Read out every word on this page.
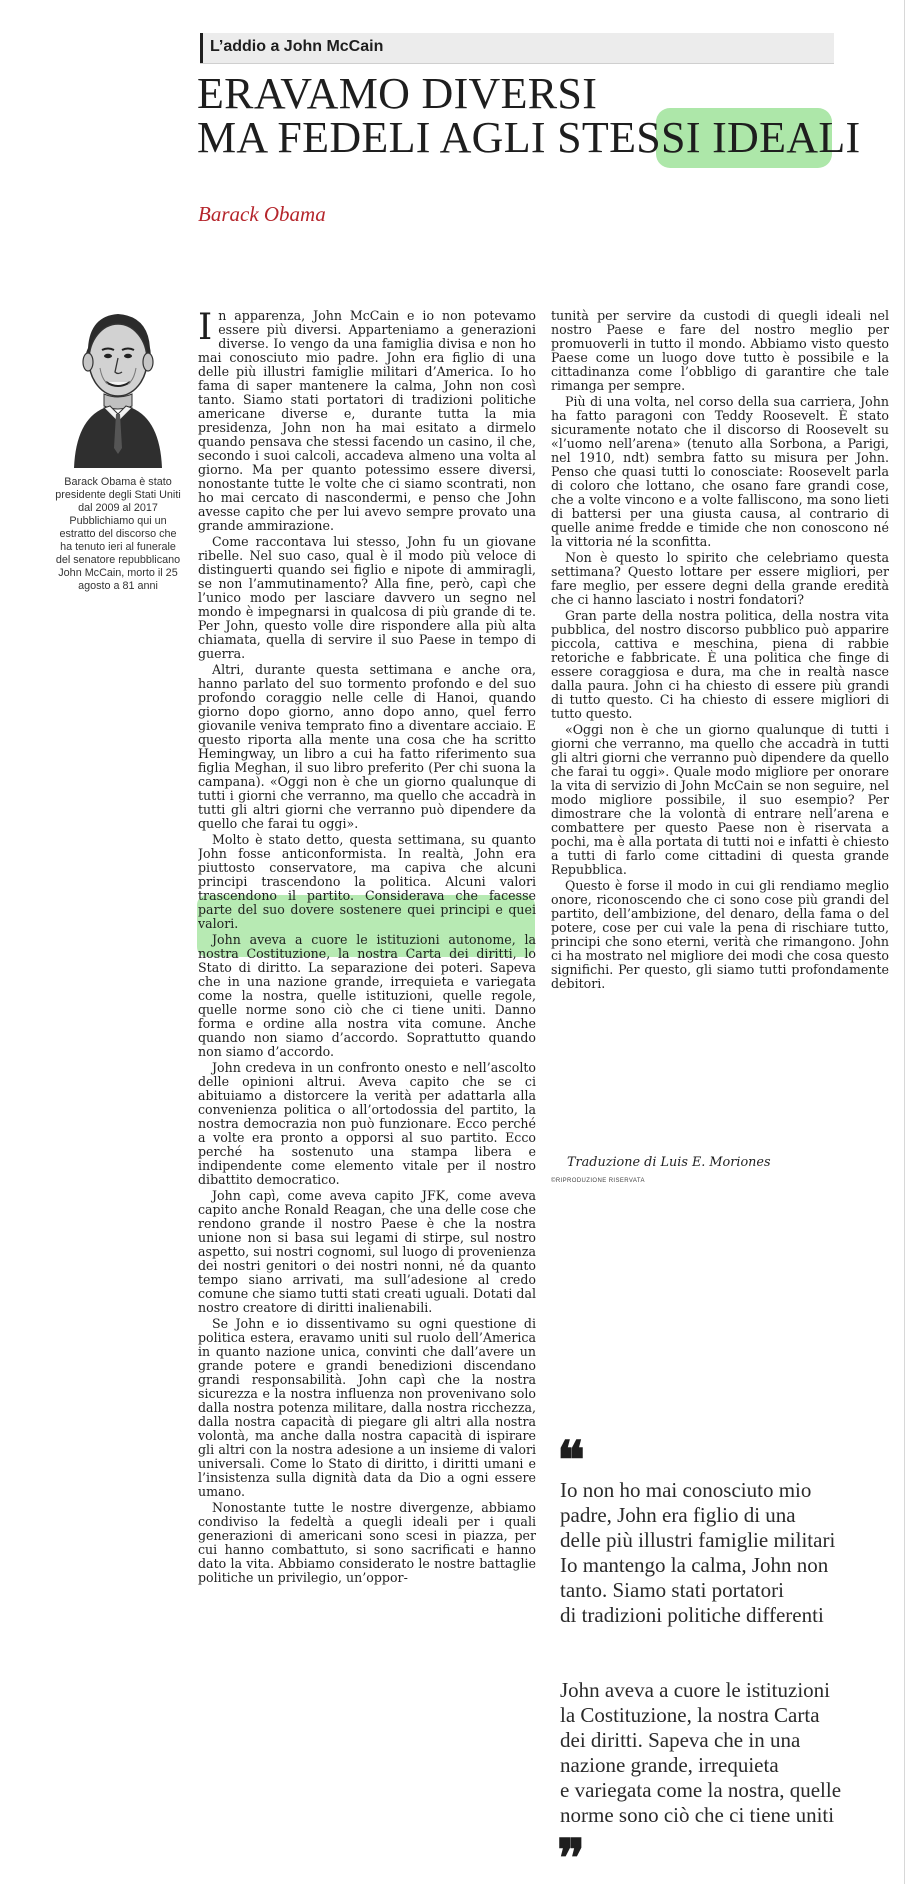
L’addio a John McCain
ERAVAMO DIVERSI
MA FEDELI AGLI STESSI IDEALI
Barack Obama
Barack Obama è stato presidente degli Stati Uniti dal 2009 al 2017 Pubblichiamo qui un estratto del discorso che ha tenuto ieri al funerale del senatore repubblicano John McCain, morto il 25 agosto a 81 anni

In apparenza, John McCain e io non potevamo essere più diversi. Apparteniamo a generazioni diverse. Io vengo da una famiglia divisa e non ho mai conosciuto mio padre. John era figlio di una delle più illustri famiglie militari d’America. Io ho fama di saper mantenere la calma, John non così tanto. Siamo stati portatori di tradizioni politiche americane diverse e, durante tutta la mia presidenza, John non ha mai esitato a dirmelo quando pensava che stessi facendo un casino, il che, secondo i suoi calcoli, accadeva almeno una volta al giorno. Ma per quanto potessimo essere diversi, nonostante tutte le volte che ci siamo scontrati, non ho mai cercato di nascondermi, e penso che John avesse capito che per lui avevo sempre provato una grande ammirazione.

Come raccontava lui stesso, John fu un giovane ribelle. Nel suo caso, qual è il modo più veloce di distinguerti quando sei figlio e nipote di ammiragli, se non l’ammutinamento? Alla fine, però, capì che l’unico modo per lasciare davvero un segno nel mondo è impegnarsi in qualcosa di più grande di te. Per John, questo volle dire rispondere alla più alta chiamata, quella di servire il suo Paese in tempo di guerra.

Altri, durante questa settimana e anche ora, hanno parlato del suo tormento profondo e del suo profondo coraggio nelle celle di Hanoi, quando giorno dopo giorno, anno dopo anno, quel ferro giovanile veniva temprato fino a diventare acciaio. E questo riporta alla mente una cosa che ha scritto Hemingway, un libro a cui ha fatto riferimento sua figlia Meghan, il suo libro preferito (Per chi suona la campana). «Oggi non è che un giorno qualunque di tutti i giorni che verranno, ma quello che accadrà in tutti gli altri giorni che verranno può dipendere da quello che farai tu oggi».

Molto è stato detto, questa settimana, su quanto John fosse anticonformista. In realtà, John era piuttosto conservatore, ma capiva che alcuni principi trascendono la politica. Alcuni valori trascendono il partito. Considerava che facesse parte del suo dovere sostenere quei principi e quei valori.

John aveva a cuore le istituzioni autonome, la nostra Costituzione, la nostra Carta dei diritti, lo Stato di diritto. La separazione dei poteri. Sapeva che in una nazione grande, irrequieta e variegata come la nostra, quelle istituzioni, quelle regole, quelle norme sono ciò che ci tiene uniti. Danno forma e ordine alla nostra vita comune. Anche quando non siamo d’accordo. Soprattutto quando non siamo d’accordo.

John credeva in un confronto onesto e nell’ascolto delle opinioni altrui. Aveva capito che se ci abituiamo a distorcere la verità per adattarla alla convenienza politica o all’ortodossia del partito, la nostra democrazia non può funzionare. Ecco perché a volte era pronto a opporsi al suo partito. Ecco perché ha sostenuto una stampa libera e indipendente come elemento vitale per il nostro dibattito democratico.

John capì, come aveva capito JFK, come aveva capito anche Ronald Reagan, che una delle cose che rendono grande il nostro Paese è che la nostra unione non si basa sui legami di stirpe, sul nostro aspetto, sui nostri cognomi, sul luogo di provenienza dei nostri genitori o dei nostri nonni, né da quanto tempo siano arrivati, ma sull’adesione al credo comune che siamo tutti stati creati uguali. Dotati dal nostro creatore di diritti inalienabili.

Se John e io dissentivamo su ogni questione di politica estera, eravamo uniti sul ruolo dell’America in quanto nazione unica, convinti che dall’avere un grande potere e grandi benedizioni discendano grandi responsabilità. John capì che la nostra sicurezza e la nostra influenza non provenivano solo dalla nostra potenza militare, dalla nostra ricchezza, dalla nostra capacità di piegare gli altri alla nostra volontà, ma anche dalla nostra capacità di ispirare gli altri con la nostra adesione a un insieme di valori universali. Come lo Stato di diritto, i diritti umani e l’insistenza sulla dignità data da Dio a ogni essere umano.

Nonostante tutte le nostre divergenze, abbiamo condiviso la fedeltà a quegli ideali per i quali generazioni di americani sono scesi in piazza, per cui hanno combattuto, si sono sacrificati e hanno dato la vita. Abbiamo considerato le nostre battaglie politiche un privilegio, un’oppor-

tunità per servire da custodi di quegli ideali nel nostro Paese e fare del nostro meglio per promuoverli in tutto il mondo. Abbiamo visto questo Paese come un luogo dove tutto è possibile e la cittadinanza come l’obbligo di garantire che tale rimanga per sempre.

Più di una volta, nel corso della sua carriera, John ha fatto paragoni con Teddy Roosevelt. È stato sicuramente notato che il discorso di Roosevelt su «l’uomo nell’arena» (tenuto alla Sorbona, a Parigi, nel 1910, ndt) sembra fatto su misura per John. Penso che quasi tutti lo conosciate: Roosevelt parla di coloro che lottano, che osano fare grandi cose, che a volte vincono e a volte falliscono, ma sono lieti di battersi per una giusta causa, al contrario di quelle anime fredde e timide che non conoscono né la vittoria né la sconfitta.

Non è questo lo spirito che celebriamo questa settimana? Questo lottare per essere migliori, per fare meglio, per essere degni della grande eredità che ci hanno lasciato i nostri fondatori?

Gran parte della nostra politica, della nostra vita pubblica, del nostro discorso pubblico può apparire piccola, cattiva e meschina, piena di rabbie retoriche e fabbricate. È una politica che finge di essere coraggiosa e dura, ma che in realtà nasce dalla paura. John ci ha chiesto di essere più grandi di tutto questo. Ci ha chiesto di essere migliori di tutto questo.

«Oggi non è che un giorno qualunque di tutti i giorni che verranno, ma quello che accadrà in tutti gli altri giorni che verranno può dipendere da quello che farai tu oggi». Quale modo migliore per onorare la vita di servizio di John McCain se non seguire, nel modo migliore possibile, il suo esempio? Per dimostrare che la volontà di entrare nell’arena e combattere per questo Paese non è riservata a pochi, ma è alla portata di tutti noi e infatti è chiesto a tutti di farlo come cittadini di questa grande Repubblica.

Questo è forse il modo in cui gli rendiamo meglio onore, riconoscendo che ci sono cose più grandi del partito, dell’ambizione, del denaro, della fama o del potere, cose per cui vale la pena di rischiare tutto, principi che sono eterni, verità che rimangono. John ci ha mostrato nel migliore dei modi che cosa questo significhi. Per questo, gli siamo tutti profondamente debitori.

Traduzione di Luis E. Moriones
©RIPRODUZIONE RISERVATA
❝
Io non ho mai conosciuto mio
padre, John era figlio di una
delle più illustri famiglie militari
Io mantengo la calma, John non
tanto. Siamo stati portatori
di tradizioni politiche differenti
John aveva a cuore le istituzioni
la Costituzione, la nostra Carta
dei diritti. Sapeva che in una
nazione grande, irrequieta
e variegata come la nostra, quelle
norme sono ciò che ci tiene uniti
❞
